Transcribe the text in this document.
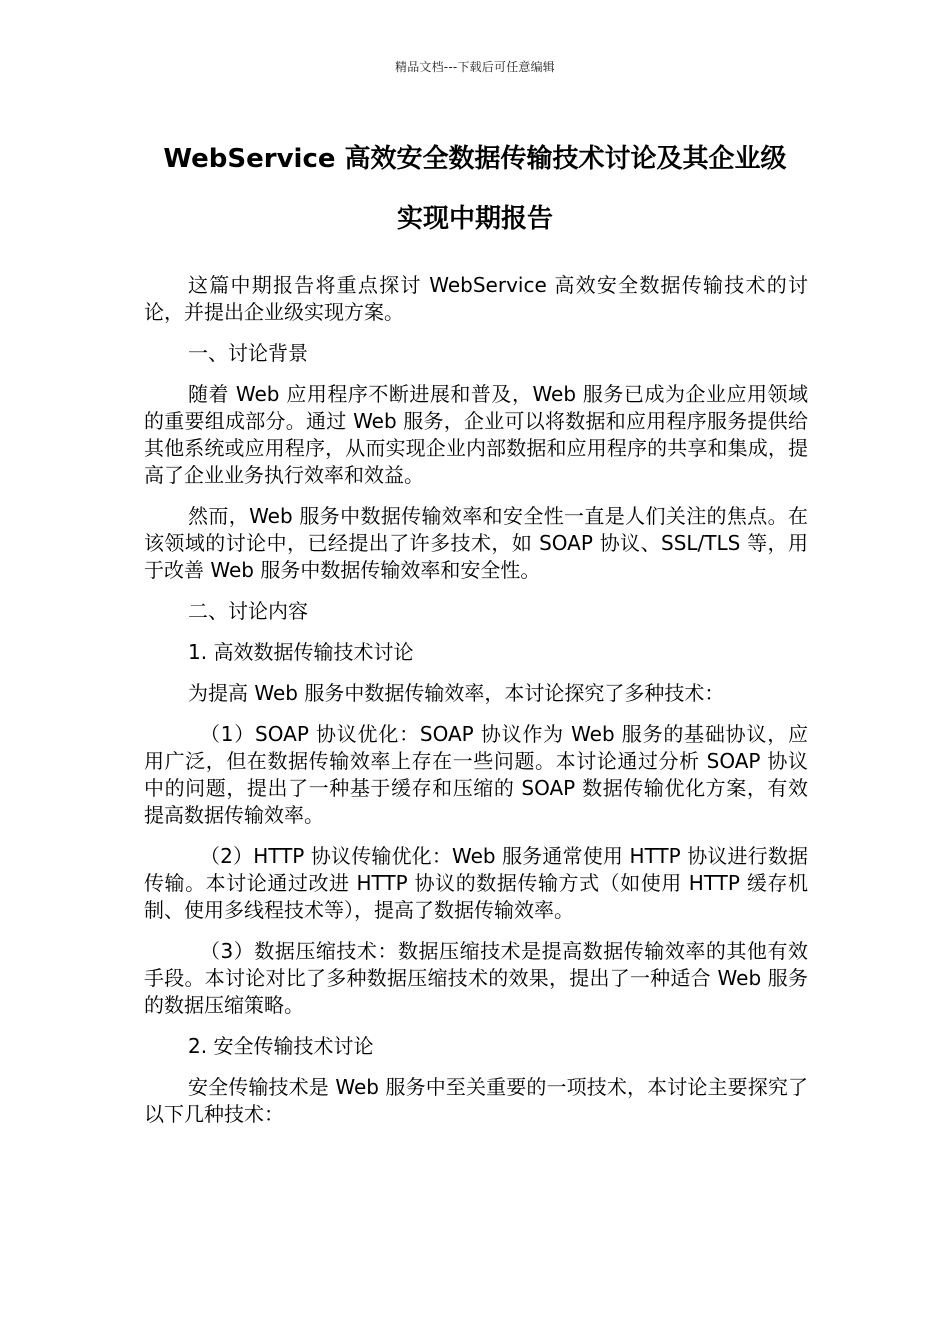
精品文档---下载后可任意编辑
WebService 高效安全数据传输技术讨论及其企业级
实现中期报告

这篇中期报告将重点探讨 WebService 高效安全数据传输技术的讨论，并提出企业级实现方案。

一、讨论背景

随着 Web 应用程序不断进展和普及，Web 服务已成为企业应用领域的重要组成部分。通过 Web 服务，企业可以将数据和应用程序服务提供给其他系统或应用程序，从而实现企业内部数据和应用程序的共享和集成，提高了企业业务执行效率和效益。

然而，Web 服务中数据传输效率和安全性一直是人们关注的焦点。在该领域的讨论中，已经提出了许多技术，如 SOAP 协议、SSL/TLS 等，用于改善 Web 服务中数据传输效率和安全性。

二、讨论内容

1. 高效数据传输技术讨论

为提高 Web 服务中数据传输效率，本讨论探究了多种技术：

（1）SOAP 协议优化：SOAP 协议作为 Web 服务的基础协议，应用广泛，但在数据传输效率上存在一些问题。本讨论通过分析 SOAP 协议中的问题，提出了一种基于缓存和压缩的 SOAP 数据传输优化方案，有效提高数据传输效率。

（2）HTTP 协议传输优化：Web 服务通常使用 HTTP 协议进行数据传输。本讨论通过改进 HTTP 协议的数据传输方式（如使用 HTTP 缓存机制、使用多线程技术等），提高了数据传输效率。

（3）数据压缩技术：数据压缩技术是提高数据传输效率的其他有效手段。本讨论对比了多种数据压缩技术的效果，提出了一种适合 Web 服务的数据压缩策略。

2. 安全传输技术讨论

安全传输技术是 Web 服务中至关重要的一项技术，本讨论主要探究了以下几种技术：
